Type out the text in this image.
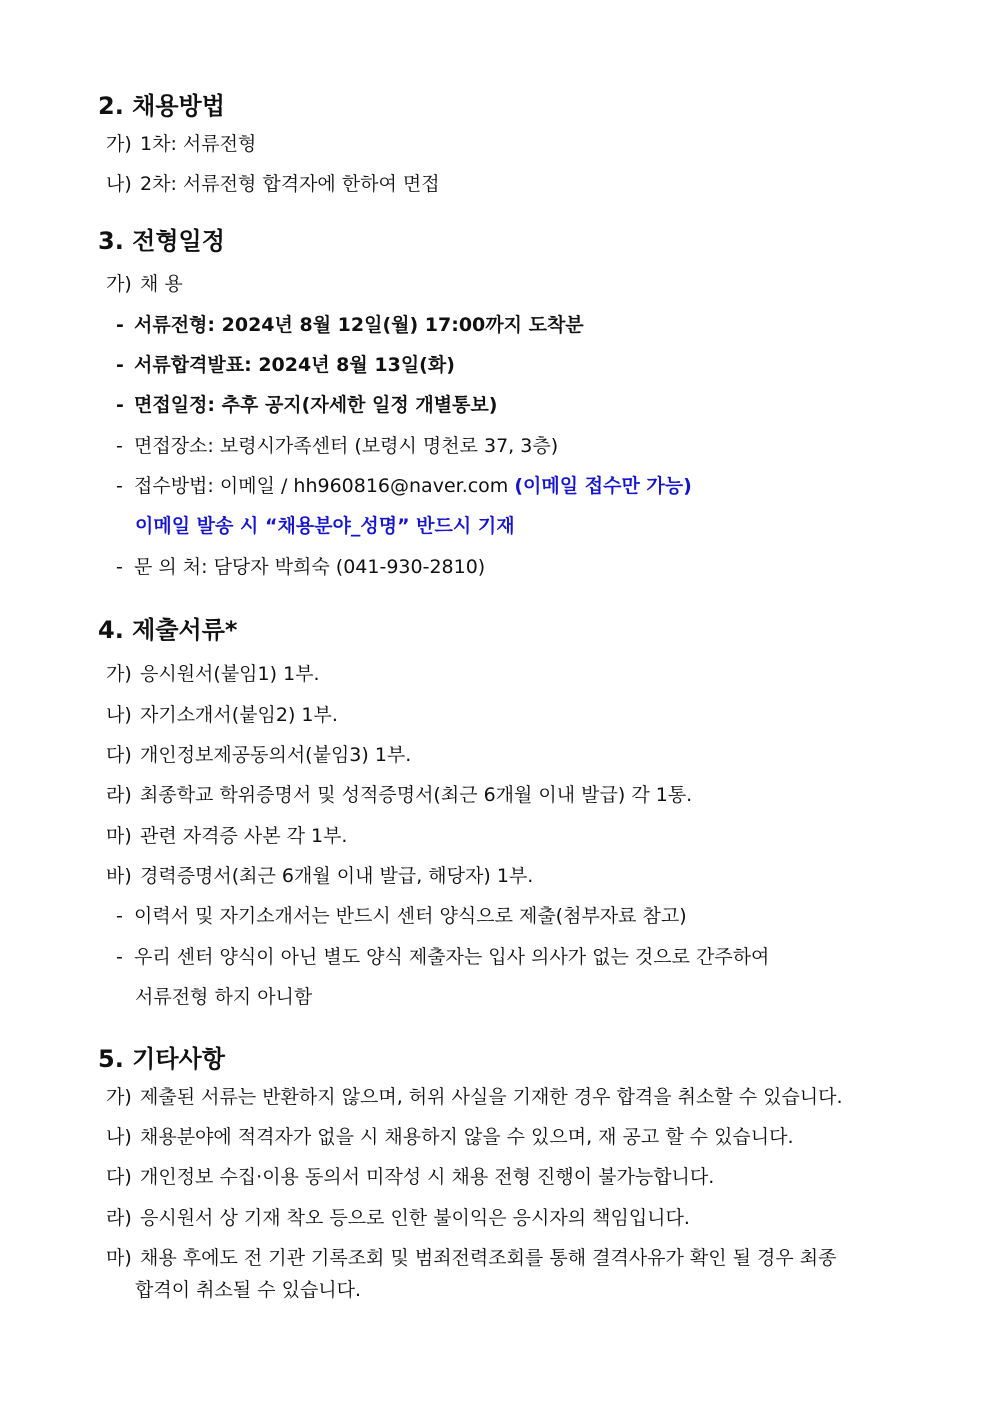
2. 채용방법
가) 1차: 서류전형
나) 2차: 서류전형 합격자에 한하여 면접
3. 전형일정
가) 채 용
- 서류전형: 2024년 8월 12일(월) 17:00까지 도착분
- 서류합격발표: 2024년 8월 13일(화)
- 면접일정: 추후 공지(자세한 일정 개별통보)
- 면접장소: 보령시가족센터 (보령시 명천로 37, 3층)
- 접수방법: 이메일 / hh960816@naver.com (이메일 접수만 가능)
이메일 발송 시 “채용분야_성명” 반드시 기재
- 문 의 처: 담당자 박희숙 (041-930-2810)
4. 제출서류*
가) 응시원서(붙임1) 1부.
나) 자기소개서(붙임2) 1부.
다) 개인정보제공동의서(붙임3) 1부.
라) 최종학교 학위증명서 및 성적증명서(최근 6개월 이내 발급) 각 1통.
마) 관련 자격증 사본 각 1부.
바) 경력증명서(최근 6개월 이내 발급, 해당자) 1부.
- 이력서 및 자기소개서는 반드시 센터 양식으로 제출(첨부자료 참고)
- 우리 센터 양식이 아닌 별도 양식 제출자는 입사 의사가 없는 것으로 간주하여
서류전형 하지 아니함
5. 기타사항
가) 제출된 서류는 반환하지 않으며, 허위 사실을 기재한 경우 합격을 취소할 수 있습니다.
나) 채용분야에 적격자가 없을 시 채용하지 않을 수 있으며, 재 공고 할 수 있습니다.
다) 개인정보 수집·이용 동의서 미작성 시 채용 전형 진행이 불가능합니다.
라) 응시원서 상 기재 착오 등으로 인한 불이익은 응시자의 책임입니다.
마) 채용 후에도 전 기관 기록조회 및 범죄전력조회를 통해 결격사유가 확인 될 경우 최종
합격이 취소될 수 있습니다.
